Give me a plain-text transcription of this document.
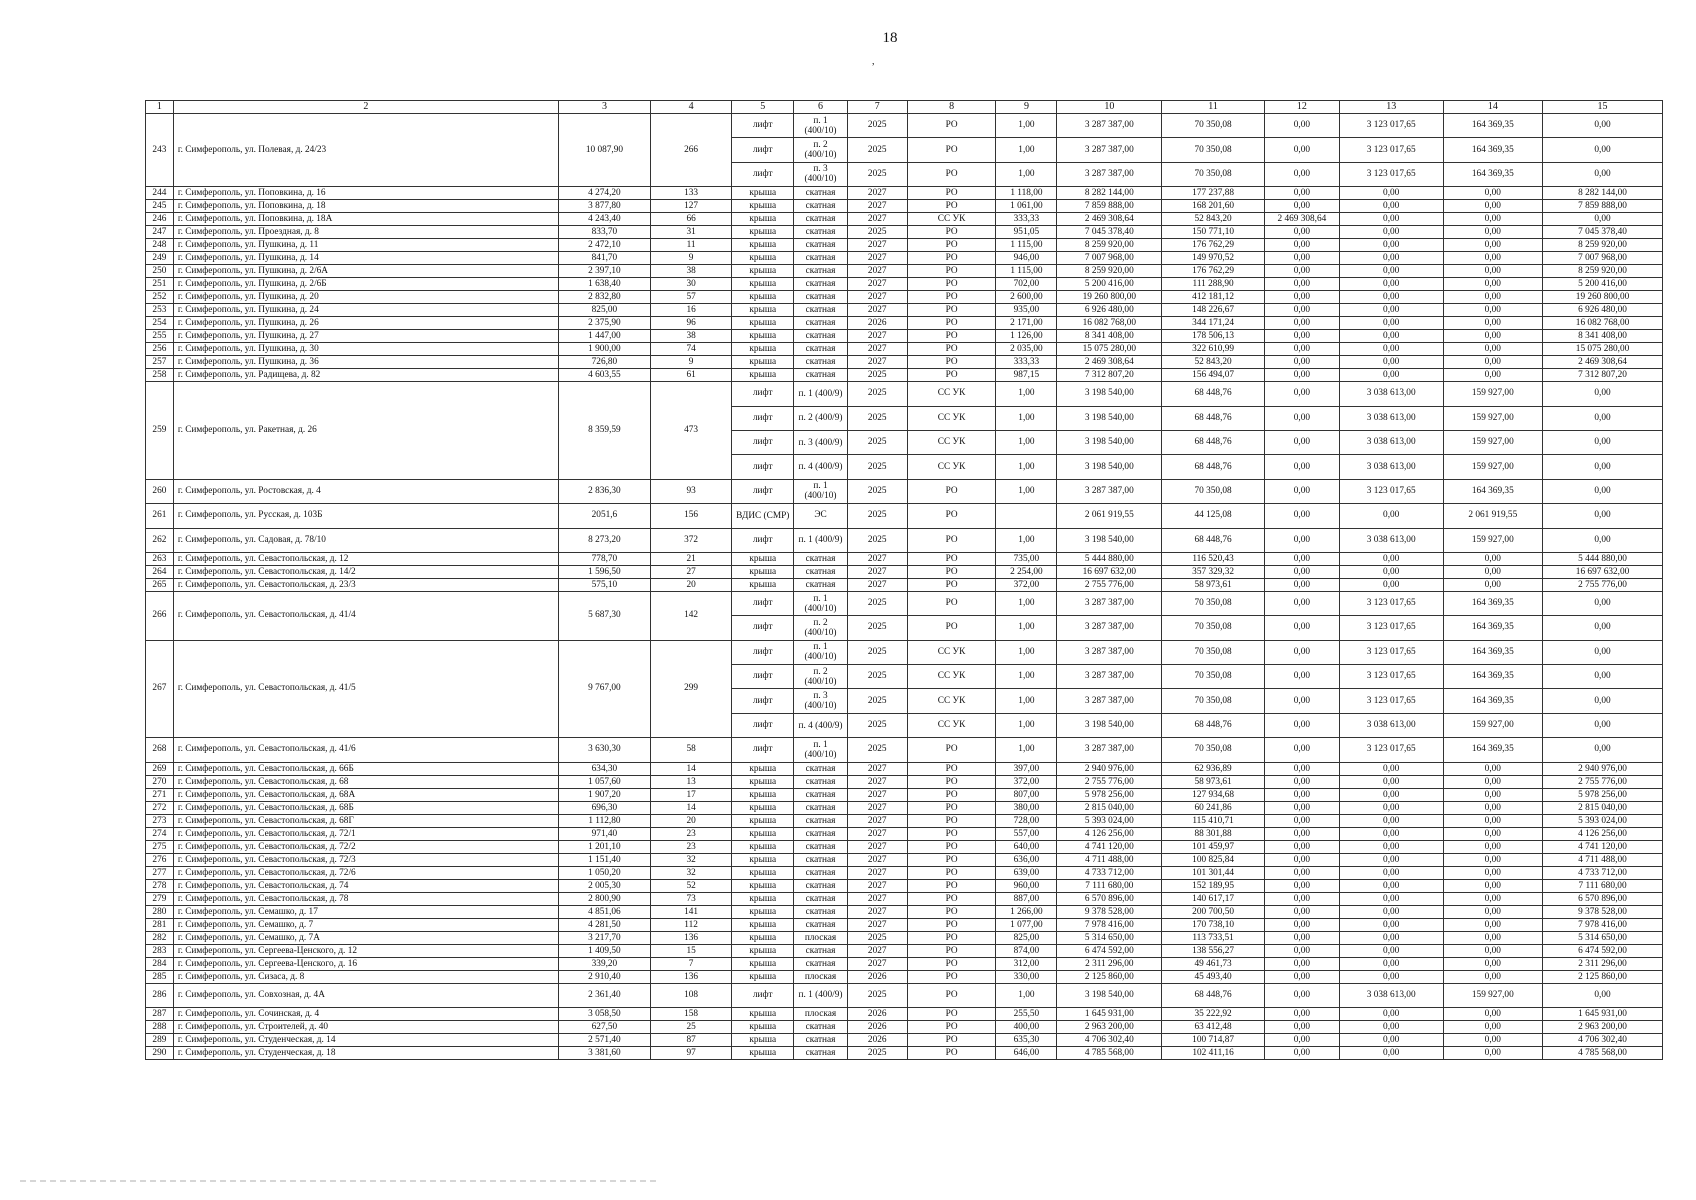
18
,
1	2	3	4	5	6	7	8	9	10	11	12	13	14	15
243	г. Симферополь, ул. Полевая, д. 24/23	10 087,90	266	лифт	п. 1 (400/10)	2025	РО	1,00	3 287 387,00	70 350,08	0,00	3 123 017,65	164 369,35	0,00
				лифт	п. 2 (400/10)	2025	РО	1,00	3 287 387,00	70 350,08	0,00	3 123 017,65	164 369,35	0,00
				лифт	п. 3 (400/10)	2025	РО	1,00	3 287 387,00	70 350,08	0,00	3 123 017,65	164 369,35	0,00
244	г. Симферополь, ул. Поповкина, д. 16	4 274,20	133	крыша	скатная	2027	РО	1 118,00	8 282 144,00	177 237,88	0,00	0,00	0,00	8 282 144,00
245	г. Симферополь, ул. Поповкина, д. 18	3 877,80	127	крыша	скатная	2027	РО	1 061,00	7 859 888,00	168 201,60	0,00	0,00	0,00	7 859 888,00
246	г. Симферополь, ул. Поповкина, д. 18А	4 243,40	66	крыша	скатная	2027	СС УК	333,33	2 469 308,64	52 843,20	2 469 308,64	0,00	0,00	0,00
247	г. Симферополь, ул. Проездная, д. 8	833,70	31	крыша	скатная	2025	РО	951,05	7 045 378,40	150 771,10	0,00	0,00	0,00	7 045 378,40
248	г. Симферополь, ул. Пушкина, д. 11	2 472,10	11	крыша	скатная	2027	РО	1 115,00	8 259 920,00	176 762,29	0,00	0,00	0,00	8 259 920,00
249	г. Симферополь, ул. Пушкина, д. 14	841,70	9	крыша	скатная	2027	РО	946,00	7 007 968,00	149 970,52	0,00	0,00	0,00	7 007 968,00
250	г. Симферополь, ул. Пушкина, д. 2/6А	2 397,10	38	крыша	скатная	2027	РО	1 115,00	8 259 920,00	176 762,29	0,00	0,00	0,00	8 259 920,00
251	г. Симферополь, ул. Пушкина, д. 2/6Б	1 638,40	30	крыша	скатная	2027	РО	702,00	5 200 416,00	111 288,90	0,00	0,00	0,00	5 200 416,00
252	г. Симферополь, ул. Пушкина, д. 20	2 832,80	57	крыша	скатная	2027	РО	2 600,00	19 260 800,00	412 181,12	0,00	0,00	0,00	19 260 800,00
253	г. Симферополь, ул. Пушкина, д. 24	825,00	16	крыша	скатная	2027	РО	935,00	6 926 480,00	148 226,67	0,00	0,00	0,00	6 926 480,00
254	г. Симферополь, ул. Пушкина, д. 26	2 375,90	96	крыша	скатная	2026	РО	2 171,00	16 082 768,00	344 171,24	0,00	0,00	0,00	16 082 768,00
255	г. Симферополь, ул. Пушкина, д. 27	1 447,00	38	крыша	скатная	2027	РО	1 126,00	8 341 408,00	178 506,13	0,00	0,00	0,00	8 341 408,00
256	г. Симферополь, ул. Пушкина, д. 30	1 900,00	74	крыша	скатная	2027	РО	2 035,00	15 075 280,00	322 610,99	0,00	0,00	0,00	15 075 280,00
257	г. Симферополь, ул. Пушкина, д. 36	726,80	9	крыша	скатная	2027	РО	333,33	2 469 308,64	52 843,20	0,00	0,00	0,00	2 469 308,64
258	г. Симферополь, ул. Радищева, д. 82	4 603,55	61	крыша	скатная	2025	РО	987,15	7 312 807,20	156 494,07	0,00	0,00	0,00	7 312 807,20
259	г. Симферополь, ул. Ракетная, д. 26	8 359,59	473	лифт	п. 1 (400/9)	2025	СС УК	1,00	3 198 540,00	68 448,76	0,00	3 038 613,00	159 927,00	0,00
				лифт	п. 2 (400/9)	2025	СС УК	1,00	3 198 540,00	68 448,76	0,00	3 038 613,00	159 927,00	0,00
				лифт	п. 3 (400/9)	2025	СС УК	1,00	3 198 540,00	68 448,76	0,00	3 038 613,00	159 927,00	0,00
				лифт	п. 4 (400/9)	2025	СС УК	1,00	3 198 540,00	68 448,76	0,00	3 038 613,00	159 927,00	0,00
260	г. Симферополь, ул. Ростовская, д. 4	2 836,30	93	лифт	п. 1 (400/10)	2025	РО	1,00	3 287 387,00	70 350,08	0,00	3 123 017,65	164 369,35	0,00
261	г. Симферополь, ул. Русская, д. 103Б	2051,6	156	ВДИС (СМР)	ЭС	2025	РО		2 061 919,55	44 125,08	0,00	0,00	2 061 919,55	0,00
262	г. Симферополь, ул. Садовая, д. 78/10	8 273,20	372	лифт	п. 1 (400/9)	2025	РО	1,00	3 198 540,00	68 448,76	0,00	3 038 613,00	159 927,00	0,00
263	г. Симферополь, ул. Севастопольская, д. 12	778,70	21	крыша	скатная	2027	РО	735,00	5 444 880,00	116 520,43	0,00	0,00	0,00	5 444 880,00
264	г. Симферополь, ул. Севастопольская, д. 14/2	1 596,50	27	крыша	скатная	2027	РО	2 254,00	16 697 632,00	357 329,32	0,00	0,00	0,00	16 697 632,00
265	г. Симферополь, ул. Севастопольская, д. 23/3	575,10	20	крыша	скатная	2027	РО	372,00	2 755 776,00	58 973,61	0,00	0,00	0,00	2 755 776,00
266	г. Симферополь, ул. Севастопольская, д. 41/4	5 687,30	142	лифт	п. 1 (400/10)	2025	РО	1,00	3 287 387,00	70 350,08	0,00	3 123 017,65	164 369,35	0,00
				лифт	п. 2 (400/10)	2025	РО	1,00	3 287 387,00	70 350,08	0,00	3 123 017,65	164 369,35	0,00
267	г. Симферополь, ул. Севастопольская, д. 41/5	9 767,00	299	лифт	п. 1 (400/10)	2025	СС УК	1,00	3 287 387,00	70 350,08	0,00	3 123 017,65	164 369,35	0,00
				лифт	п. 2 (400/10)	2025	СС УК	1,00	3 287 387,00	70 350,08	0,00	3 123 017,65	164 369,35	0,00
				лифт	п. 3 (400/10)	2025	СС УК	1,00	3 287 387,00	70 350,08	0,00	3 123 017,65	164 369,35	0,00
				лифт	п. 4 (400/9)	2025	СС УК	1,00	3 198 540,00	68 448,76	0,00	3 038 613,00	159 927,00	0,00
268	г. Симферополь, ул. Севастопольская, д. 41/6	3 630,30	58	лифт	п. 1 (400/10)	2025	РО	1,00	3 287 387,00	70 350,08	0,00	3 123 017,65	164 369,35	0,00
269	г. Симферополь, ул. Севастопольская, д. 66Б	634,30	14	крыша	скатная	2027	РО	397,00	2 940 976,00	62 936,89	0,00	0,00	0,00	2 940 976,00
270	г. Симферополь, ул. Севастопольская, д. 68	1 057,60	13	крыша	скатная	2027	РО	372,00	2 755 776,00	58 973,61	0,00	0,00	0,00	2 755 776,00
271	г. Симферополь, ул. Севастопольская, д. 68А	1 907,20	17	крыша	скатная	2027	РО	807,00	5 978 256,00	127 934,68	0,00	0,00	0,00	5 978 256,00
272	г. Симферополь, ул. Севастопольская, д. 68Б	696,30	14	крыша	скатная	2027	РО	380,00	2 815 040,00	60 241,86	0,00	0,00	0,00	2 815 040,00
273	г. Симферополь, ул. Севастопольская, д. 68Г	1 112,80	20	крыша	скатная	2027	РО	728,00	5 393 024,00	115 410,71	0,00	0,00	0,00	5 393 024,00
274	г. Симферополь, ул. Севастопольская, д. 72/1	971,40	23	крыша	скатная	2027	РО	557,00	4 126 256,00	88 301,88	0,00	0,00	0,00	4 126 256,00
275	г. Симферополь, ул. Севастопольская, д. 72/2	1 201,10	23	крыша	скатная	2027	РО	640,00	4 741 120,00	101 459,97	0,00	0,00	0,00	4 741 120,00
276	г. Симферополь, ул. Севастопольская, д. 72/3	1 151,40	32	крыша	скатная	2027	РО	636,00	4 711 488,00	100 825,84	0,00	0,00	0,00	4 711 488,00
277	г. Симферополь, ул. Севастопольская, д. 72/6	1 050,20	32	крыша	скатная	2027	РО	639,00	4 733 712,00	101 301,44	0,00	0,00	0,00	4 733 712,00
278	г. Симферополь, ул. Севастопольская, д. 74	2 005,30	52	крыша	скатная	2027	РО	960,00	7 111 680,00	152 189,95	0,00	0,00	0,00	7 111 680,00
279	г. Симферополь, ул. Севастопольская, д. 78	2 800,90	73	крыша	скатная	2027	РО	887,00	6 570 896,00	140 617,17	0,00	0,00	0,00	6 570 896,00
280	г. Симферополь, ул. Семашко, д. 17	4 851,06	141	крыша	скатная	2027	РО	1 266,00	9 378 528,00	200 700,50	0,00	0,00	0,00	9 378 528,00
281	г. Симферополь, ул. Семашко, д. 7	4 281,50	112	крыша	скатная	2027	РО	1 077,00	7 978 416,00	170 738,10	0,00	0,00	0,00	7 978 416,00
282	г. Симферополь, ул. Семашко, д. 7А	3 217,70	136	крыша	плоская	2025	РО	825,00	5 314 650,00	113 733,51	0,00	0,00	0,00	5 314 650,00
283	г. Симферополь, ул. Сергеева-Ценского, д. 12	1 409,50	15	крыша	скатная	2027	РО	874,00	6 474 592,00	138 556,27	0,00	0,00	0,00	6 474 592,00
284	г. Симферополь, ул. Сергеева-Ценского, д. 16	339,20	7	крыша	скатная	2027	РО	312,00	2 311 296,00	49 461,73	0,00	0,00	0,00	2 311 296,00
285	г. Симферополь, ул. Сизаса, д. 8	2 910,40	136	крыша	плоская	2026	РО	330,00	2 125 860,00	45 493,40	0,00	0,00	0,00	2 125 860,00
286	г. Симферополь, ул. Совхозная, д. 4А	2 361,40	108	лифт	п. 1 (400/9)	2025	РО	1,00	3 198 540,00	68 448,76	0,00	3 038 613,00	159 927,00	0,00
287	г. Симферополь, ул. Сочинская, д. 4	3 058,50	158	крыша	плоская	2026	РО	255,50	1 645 931,00	35 222,92	0,00	0,00	0,00	1 645 931,00
288	г. Симферополь, ул. Строителей, д. 40	627,50	25	крыша	скатная	2026	РО	400,00	2 963 200,00	63 412,48	0,00	0,00	0,00	2 963 200,00
289	г. Симферополь, ул. Студенческая, д. 14	2 571,40	87	крыша	скатная	2026	РО	635,30	4 706 302,40	100 714,87	0,00	0,00	0,00	4 706 302,40
290	г. Симферополь, ул. Студенческая, д. 18	3 381,60	97	крыша	скатная	2025	РО	646,00	4 785 568,00	102 411,16	0,00	0,00	0,00	4 785 568,00
